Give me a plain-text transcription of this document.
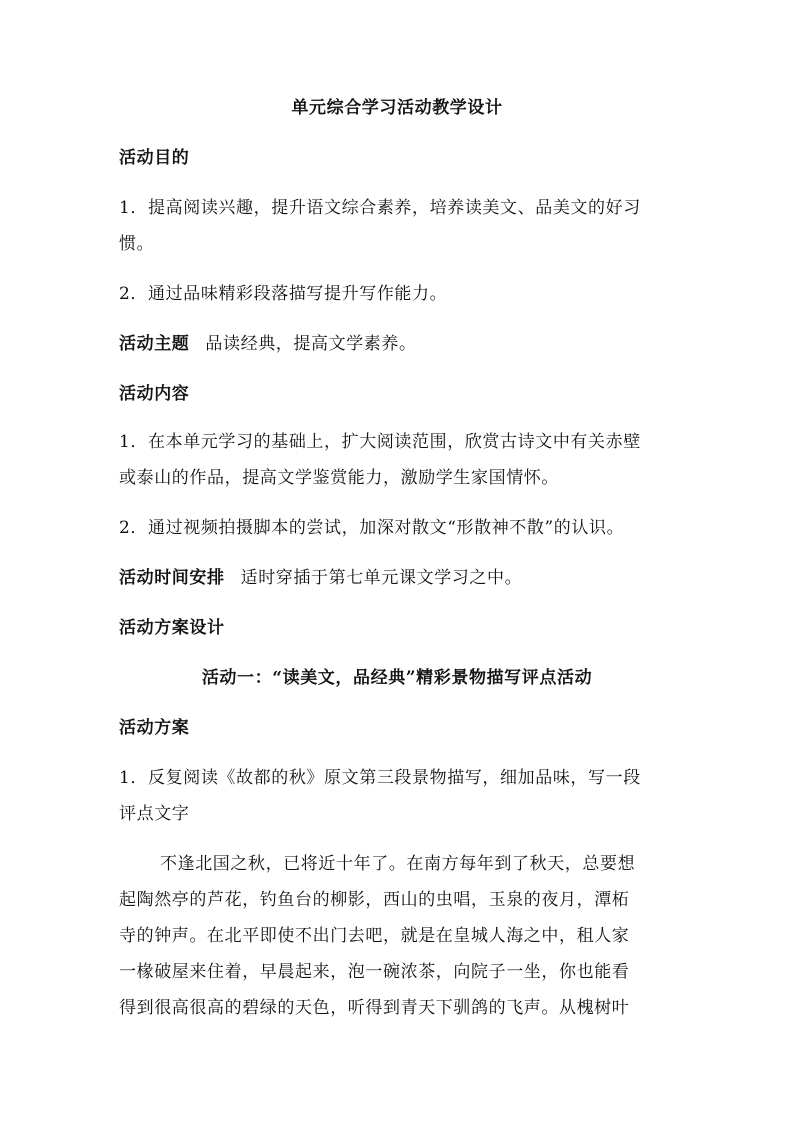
单元综合学习活动教学设计

活动目的

1．提高阅读兴趣，提升语文综合素养，培养读美文、品美文的好习

惯。

2．通过品味精彩段落描写提升写作能力。

活动主题 品读经典，提高文学素养。

活动内容

1．在本单元学习的基础上，扩大阅读范围，欣赏古诗文中有关赤壁

或泰山的作品，提高文学鉴赏能力，激励学生家国情怀。

2．通过视频拍摄脚本的尝试，加深对散文“形散神不散”的认识。

活动时间安排 适时穿插于第七单元课文学习之中。

活动方案设计

活动一：“读美文，品经典”精彩景物描写评点活动

活动方案

1．反复阅读《故都的秋》原文第三段景物描写，细加品味，写一段

评点文字

不逢北国之秋，已将近十年了。在南方每年到了秋天，总要想

起陶然亭的芦花，钓鱼台的柳影，西山的虫唱，玉泉的夜月，潭柘

寺的钟声。在北平即使不出门去吧，就是在皇城人海之中，租人家

一椽破屋来住着，早晨起来，泡一碗浓茶，向院子一坐，你也能看

得到很高很高的碧绿的天色，听得到青天下驯鸽的飞声。从槐树叶
